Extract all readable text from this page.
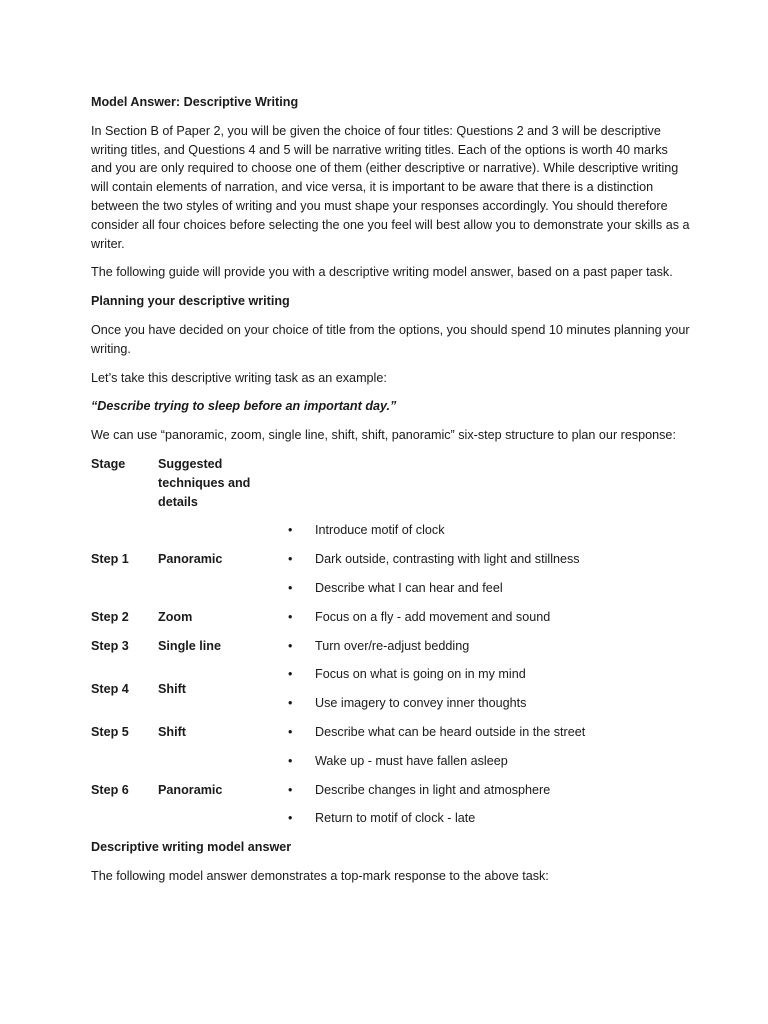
Model Answer: Descriptive Writing

In Section B of Paper 2, you will be given the choice of four titles: Questions 2 and 3 will be descriptive writing titles, and Questions 4 and 5 will be narrative writing titles. Each of the options is worth 40 marks and you are only required to choose one of them (either descriptive or narrative). While descriptive writing will contain elements of narration, and vice versa, it is important to be aware that there is a distinction between the two styles of writing and you must shape your responses accordingly. You should therefore consider all four choices before selecting the one you feel will best allow you to demonstrate your skills as a writer.

The following guide will provide you with a descriptive writing model answer, based on a past paper task.

Planning your descriptive writing

Once you have decided on your choice of title from the options, you should spend 10 minutes planning your writing.

Let’s take this descriptive writing task as an example:

“Describe trying to sleep before an important day.”

We can use “panoramic, zoom, single line, shift, shift, panoramic” six-step structure to plan our response:

Stage	Suggested techniques and details
Step 1	Panoramic
• Introduce motif of clock
• Dark outside, contrasting with light and stillness
• Describe what I can hear and feel
Step 2	Zoom	• Focus on a fly - add movement and sound
Step 3	Single line	• Turn over/re-adjust bedding
Step 4	Shift
• Focus on what is going on in my mind
• Use imagery to convey inner thoughts
Step 5	Shift	• Describe what can be heard outside in the street
Step 6	Panoramic
• Wake up - must have fallen asleep
• Describe changes in light and atmosphere
• Return to motif of clock - late

Descriptive writing model answer

The following model answer demonstrates a top-mark response to the above task:
